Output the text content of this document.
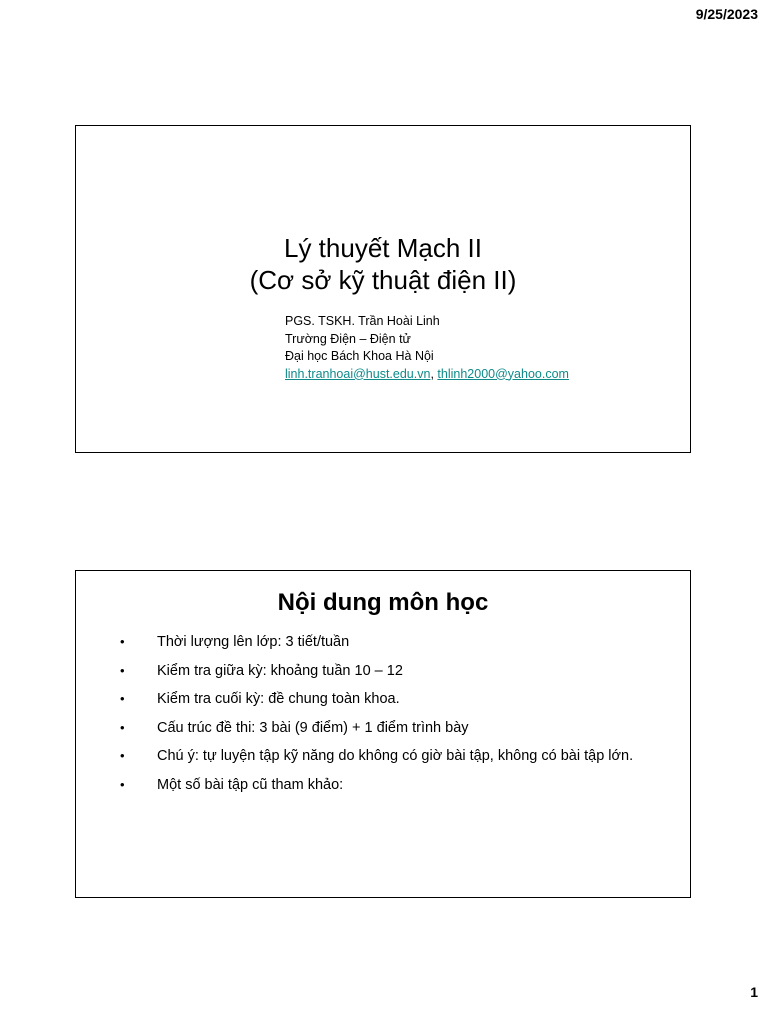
9/25/2023
Lý thuyết Mạch II
(Cơ sở kỹ thuật điện II)
PGS. TSKH. Trần Hoài Linh
Trường Điện – Điện tử
Đại học Bách Khoa Hà Nội
linh.tranhoai@hust.edu.vn, thlinh2000@yahoo.com
Nội dung môn học
• Thời lượng lên lớp: 3 tiết/tuần
• Kiểm tra giữa kỳ: khoảng tuần 10 – 12
• Kiểm tra cuối kỳ: đề chung toàn khoa.
• Cấu trúc đề thi: 3 bài (9 điểm) + 1 điểm trình bày
• Chú ý: tự luyện tập kỹ năng do không có giờ bài tập, không có bài tập lớn.
• Một số bài tập cũ tham khảo:
1
